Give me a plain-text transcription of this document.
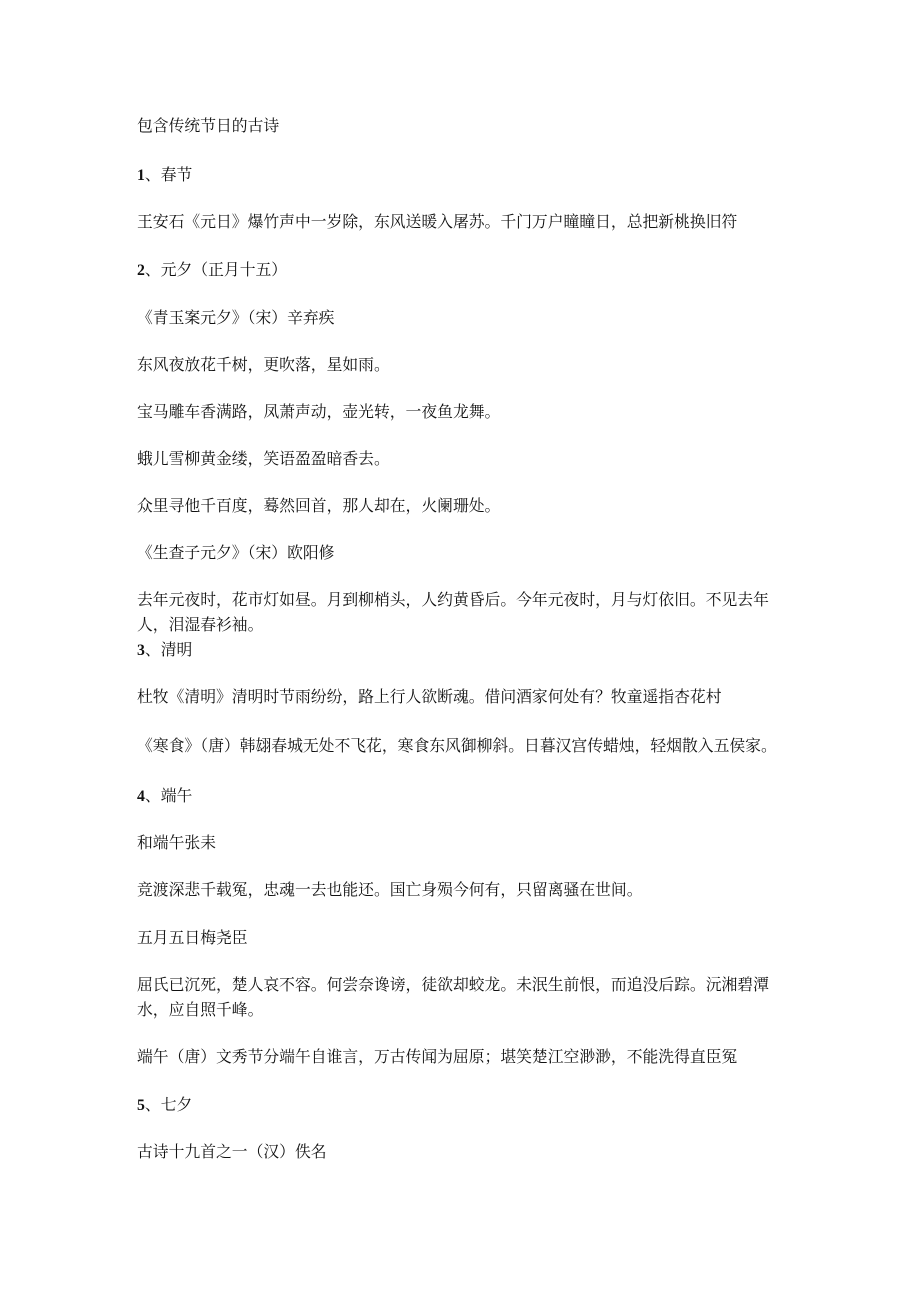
包含传统节日的古诗
1、春节
王安石《元日》爆竹声中一岁除，东风送暖入屠苏。千门万户瞳瞳日，总把新桃换旧符
2、元夕（正月十五）
《青玉案元夕》（宋）辛弃疾
东风夜放花千树，更吹落，星如雨。
宝马雕车香满路，凤萧声动，壶光转，一夜鱼龙舞。
蛾儿雪柳黄金缕，笑语盈盈暗香去。
众里寻他千百度，蓦然回首，那人却在，火阑珊处。
《生查子元夕》（宋）欧阳修
去年元夜时，花市灯如昼。月到柳梢头，人约黄昏后。今年元夜时，月与灯依旧。不见去年
人，泪湿春衫袖。
3、清明
杜牧《清明》清明时节雨纷纷，路上行人欲断魂。借问酒家何处有？牧童遥指杏花村
《寒食》（唐）韩翃春城无处不飞花，寒食东风御柳斜。日暮汉宫传蜡烛，轻烟散入五侯家。
4、端午
和端午张耒
竞渡深悲千载冤，忠魂一去也能还。国亡身殒今何有，只留离骚在世间。
五月五日梅尧臣
屈氏已沉死，楚人哀不容。何尝奈谗谤，徒欲却蛟龙。未泯生前恨，而追没后踪。沅湘碧潭
水，应自照千峰。
端午（唐）文秀节分端午自谁言，万古传闻为屈原；堪笑楚江空渺渺，不能洗得直臣冤
5、七夕
古诗十九首之一（汉）佚名
